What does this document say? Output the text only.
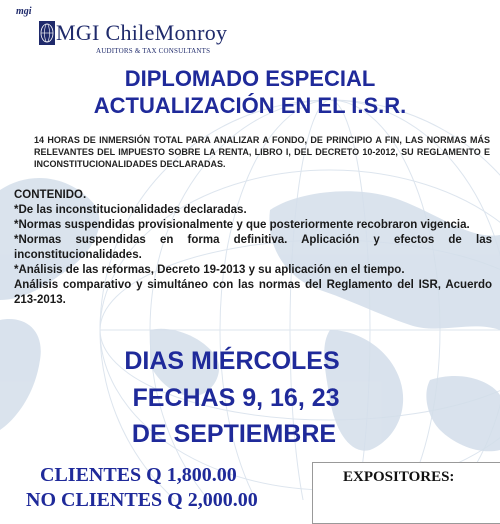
mgi
MGI ChileMonroy
AUDITORS & TAX CONSULTANTS
DIPLOMADO ESPECIAL
ACTUALIZACIÓN EN EL I.S.R.
14 HORAS DE INMERSIÓN TOTAL PARA ANALIZAR A FONDO, DE PRINCIPIO A FIN, LAS NORMAS MÁS RELEVANTES DEL IMPUESTO SOBRE LA RENTA, LIBRO I, DEL DECRETO 10-2012, SU REGLAMENTO E INCONSTITUCIONALIDADES DECLARADAS.
CONTENIDO.

*De las inconstitucionalidades declaradas.

*Normas suspendidas provisionalmente y que posteriormente recobraron vigencia.

*Normas suspendidas en forma definitiva. Aplicación y efectos de las inconstitucionalidades.

*Análisis de las reformas, Decreto 19-2013 y su aplicación en el tiempo.

Análisis comparativo y simultáneo con las normas del Reglamento del ISR, Acuerdo 213-2013.

DIAS MIÉRCOLES
FECHAS 9, 16, 23
DE SEPTIEMBRE
CLIENTES Q 1,800.00
NO CLIENTES Q 2,000.00
EXPOSITORES:
